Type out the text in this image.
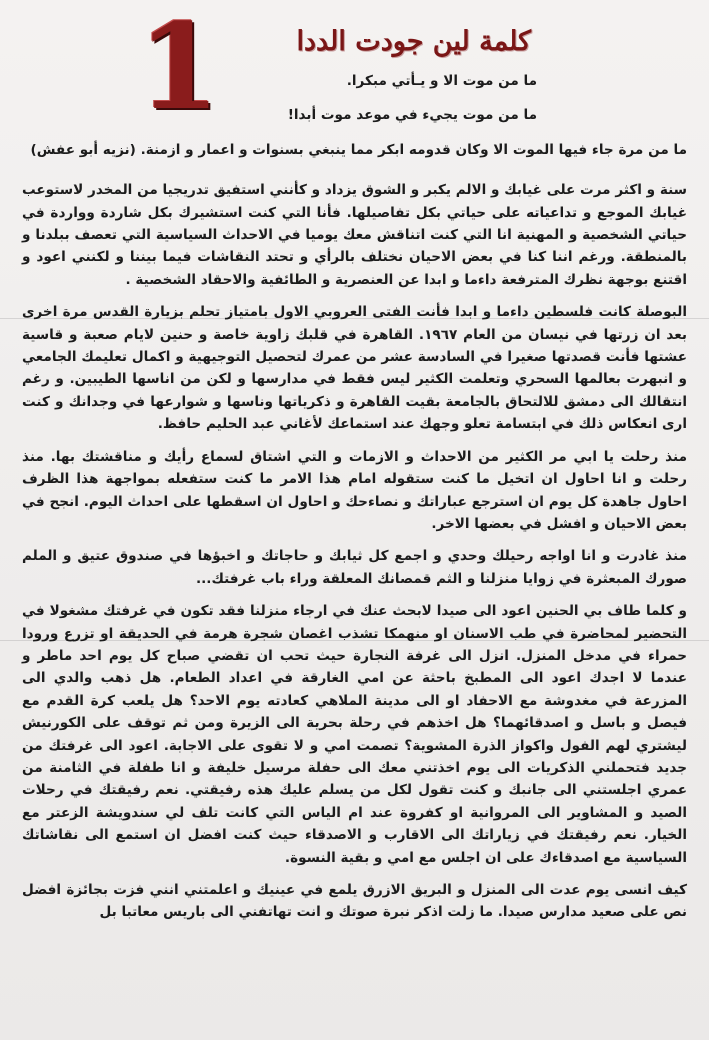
1	كلمة لين جودت الددا

ما من موت الا و يـأتي مبكرا.

ما من موت يجيء في موعد موت أبدا!

ما من مرة جاء فيها الموت الا وكان قدومه ابكر مما ينبغي بسنوات و اعمار و ازمنة. (نزيه أبو عفش)

سنة و اكثر مرت على غيابك و الالم يكبر و الشوق يزداد و كأنني استفيق تدريجيا من المخدر لاستوعب غيابك الموجع و تداعياته على حياتي بكل تفاصيلها. فأنا التي كنت استشيرك بكل شاردة وواردة في حياتي الشخصية و المهنية انا التي كنت اتناقش معك يوميا في الاحداث السياسية التي تعصف ببلدنا و بالمنطقة. ورغم اننا كنا في بعض الاحيان نختلف بالرأي و تحتد النقاشات فيما بيننا و لكنني اعود و اقتنع بوجهة نظرك المترفعة داءما و ابدا عن العنصرية و الطائفية والاحقاد الشخصية .

البوصلة كانت فلسطين داءما و ابدا فأنت الفتى العروبي الاول بامتياز تحلم بزيارة القدس مرة اخرى بعد ان زرتها في نيسان من العام ١٩٦٧. القاهرة في قلبك زاوية خاصة و حنين لايام صعبة و قاسية عشتها فأنت قصدتها صغيرا في السادسة عشر من عمرك لتحصيل التوجيهية و اكمال تعليمك الجامعي و انبهرت بعالمها السحري وتعلمت الكثير ليس فقط في مدارسها و لكن من اناسها الطيبين. و رغم انتقالك الى دمشق للالتحاق بالجامعة بقيت القاهرة و ذكرياتها وناسها و شوارعها في وجدانك و كنت ارى انعكاس ذلك في ابتسامة تعلو وجهك عند استماعك لأغاني عبد الحليم حافظ.

منذ رحلت يا ابي مر الكثير من الاحداث و الازمات و التي اشتاق لسماع رأيك و مناقشتك بها. منذ رحلت و انا احاول ان اتخيل ما كنت ستقوله امام هذا الامر ما كنت ستفعله بمواجهة هذا الظرف احاول جاهدة كل يوم ان استرجع عباراتك و نصاءحك و احاول ان اسقطها على احداث اليوم. انجح في بعض الاحيان و افشل في بعضها الاخر.

منذ غادرت و انا اواجه رحيلك وحدي و اجمع كل ثيابك و حاجاتك و اخبؤها في صندوق عتيق و الملم صورك المبعثرة في زوايا منزلنا و الثم قمصانك المعلقة وراء باب غرفتك...

و كلما طاف بي الحنين اعود الى صيدا لابحث عنك في ارجاء منزلنا فقد تكون في غرفتك مشغولا في التحضير لمحاضرة في طب الاسنان او منهمكا تشذب اغصان شجرة هرمة في الحديقة او تزرع ورودا حمراء في مدخل المنزل. انزل الى غرفة النجارة حيث تحب ان تقضي صباح كل يوم احد ماطر و عندما لا اجدك اعود الى المطبخ باحثة عن امي الغارقة في اعداد الطعام. هل ذهب والدي الى المزرعة في مغدوشة مع الاحفاد او الى مدينة الملاهي كعادته يوم الاحد؟ هل يلعب كرة القدم مع فيصل و باسل و اصدقائهما؟ هل اخذهم في رحلة بحرية الى الزيرة ومن ثم توقف على الكورنيش ليشتري لهم الفول واكواز الذرة المشوية؟ تصمت امي و لا تقوى على الاجابة. اعود الى غرفتك من جديد فتحملني الذكريات الى يوم اخذتني معك الى حفلة مرسيل خليفة و انا طفلة في الثامنة من عمري اجلستني الى جانبك و كنت تقول لكل من يسلم عليك هذه رفيقتي. نعم رفيقتك في رحلات الصيد و المشاوير الى المروانية او كفروة عند ام الياس التي كانت تلف لي سندويشة الزعتر مع الخيار. نعم رفيقتك في زياراتك الى الاقارب و الاصدقاء حيث كنت افضل ان استمع الى نقاشاتك السياسية مع اصدقاءك على ان اجلس مع امي و بقية النسوة.

كيف انسى يوم عدت الى المنزل و البريق الازرق يلمع في عينيك و اعلمتني انني فزت بجائزة افضل نص على صعيد مدارس صيدا. ما زلت اذكر نبرة صوتك و انت تهاتفني الى باريس معاتبا بل
